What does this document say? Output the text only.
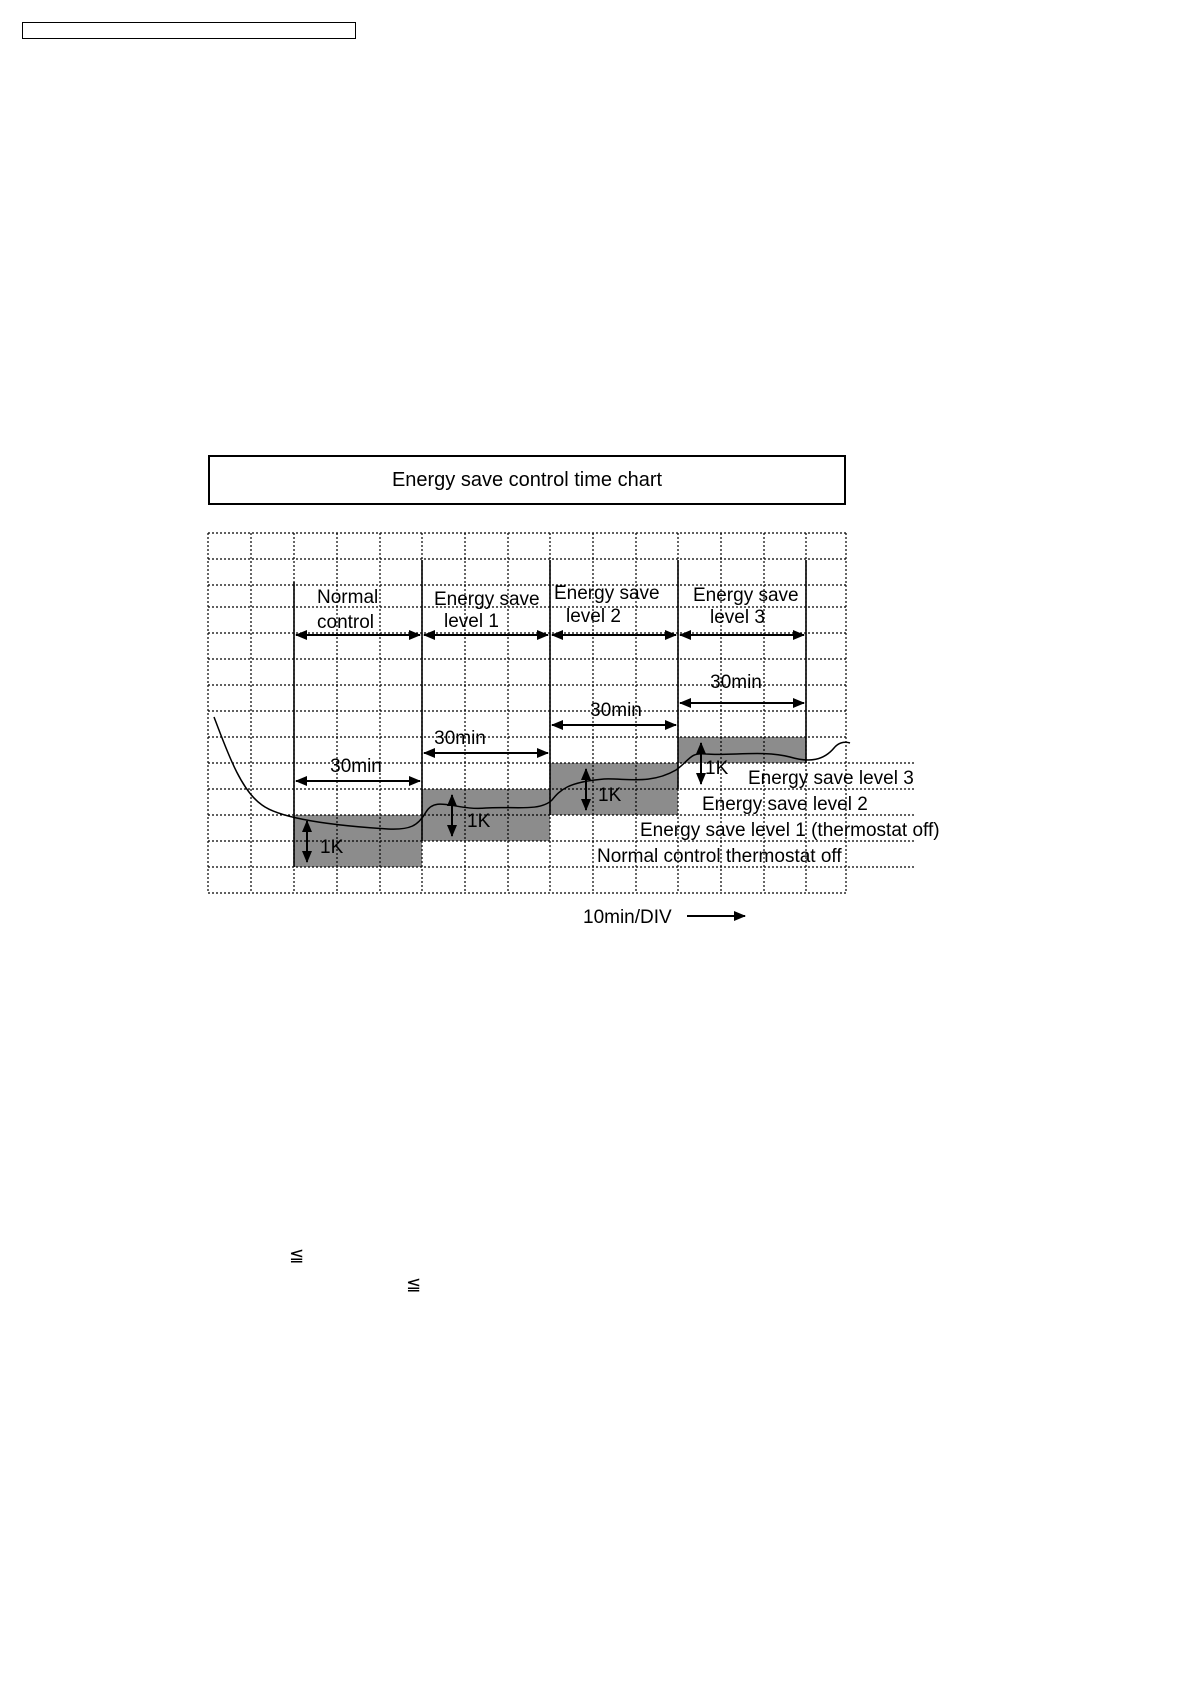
Energy save control time chart
Normal
control
Energy save
level 1
Energy save
level 2
Energy save
level 3
30min
30min
30min
30min
1K
1K
1K
1K Energy save level 3
Energy save level 2
Energy save level 1 (thermostat off)
Normal control thermostat off
10min/DIV
≦
≦
